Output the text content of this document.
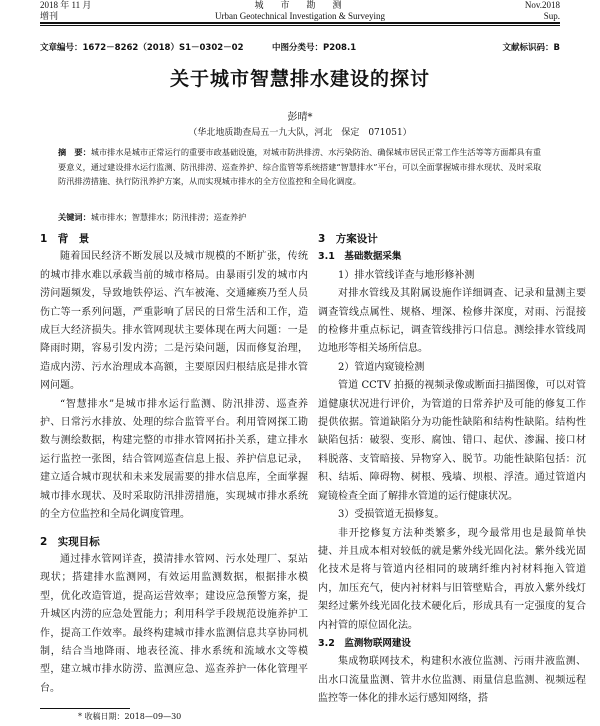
2018 年 11 月
增刊
城　市　勘　测
Urban Geotechnical Investigation & Surveying
Nov.2018
Sup.
文章编号：1672－8262（2018）S1－0302－02	中图分类号：P208.1	文献标识码：B
关于城市智慧排水建设的探讨
彭晴*
（华北地质勘查局五一九大队，河北　保定　071051）
摘　要：城市排水是城市正常运行的重要市政基础设施，对城市防洪排涝、水污染防治、确保城市居民正常工作生活等等方面都具有重要意义，通过建设排水运行监测、防汛排涝、巡查养护、综合监管等系统搭建“智慧排水”平台，可以全面掌握城市排水现状、及时采取防汛排涝措施、执行防汛养护方案，从而实现城市排水的全方位监控和全局化调度。
关键词：城市排水；智慧排水；防汛排涝；巡查养护

1　背　景

随着国民经济不断发展以及城市规模的不断扩张，传统的城市排水难以承载当前的城市格局。由暴雨引发的城市内涝问题频发，导致地铁停运、汽车被淹、交通瘫痪乃至人员伤亡等一系列问题，严重影响了居民的日常生活和工作，造成巨大经济损失。排水管网现状主要体现在两大问题：一是降雨时期，容易引发内涝；二是污染问题，因而修复治理，造成内涝、污水治理成本高额，主要原因归根结底是排水管网问题。

“智慧排水”是城市排水运行监测、防汛排涝、巡查养护、日常污水排放、处理的综合监管平台。利用管网探工勘数与测绘数据，构建完整的市排水管网拓扑关系，建立排水运行监控一张图，结合管网巡查信息上报、养护信息记录，建立适合城市现状和未来发展需要的排水信息库，全面掌握城市排水现状、及时采取防汛排涝措施，实现城市排水系统的全方位监控和全局化调度管理。

2　实现目标

通过排水管网详查，摸清排水管网、污水处理厂、泵站现状；搭建排水监测网，有效运用监测数据，根据排水模型，优化改造管道，提高运营效率；建设应急预警方案，提升城区内涝的应急处置能力；利用科学手段规范设施养护工作，提高工作效率。最终构建城市排水监测信息共享协同机制，结合当地降雨、地表径流、排水系统和流域水文等模型，建立城市排水防涝、监测应急、巡查养护一体化管理平台。

3　方案设计

3.1　基础数据采集

1）排水管线详查与地形修补测

对排水管线及其附属设施作详细调查、记录和量测主要调查管线点属性、规格、埋深、检修井深度，对雨、污混接的检修井重点标记，调查管线排污口信息。测绘排水管线周边地形等相关场所信息。

2）管道内窥镜检测

管道 CCTV 拍摄的视频录像或断面扫描图像，可以对管道健康状况进行评价，为管道的日常养护及可能的修复工作提供依据。管道缺陷分为功能性缺陷和结构性缺陷。结构性缺陷包括：破裂、变形、腐蚀、错口、起伏、渗漏、接口材料脱落、支管暗接、异物穿入、脱节。功能性缺陷包括：沉积、结垢、障碍物、树根、残墙、坝根、浮渣。通过管道内窥镜检查全面了解排水管道的运行健康状况。

3）受损管道无损修复。

非开挖修复方法种类繁多，现今最常用也是最简单快捷、并且成本相对较低的就是紫外线光固化法。紫外线光固化技术是将与管道内径相同的玻璃纤维内衬材料拖入管道内，加压充气，使内衬材料与旧管壁贴合，再放入紫外线灯架经过紫外线光固化技术硬化后，形成具有一定强度的复合内衬管的原位固化法。

3.2　监测物联网建设

集成物联网技术，构建积水液位监测、污雨井液监测、出水口流量监测、管井水位监测、雨量信息监测、视频远程监控等一体化的排水运行感知网络，搭

* 收稿日期：2018—09—30
